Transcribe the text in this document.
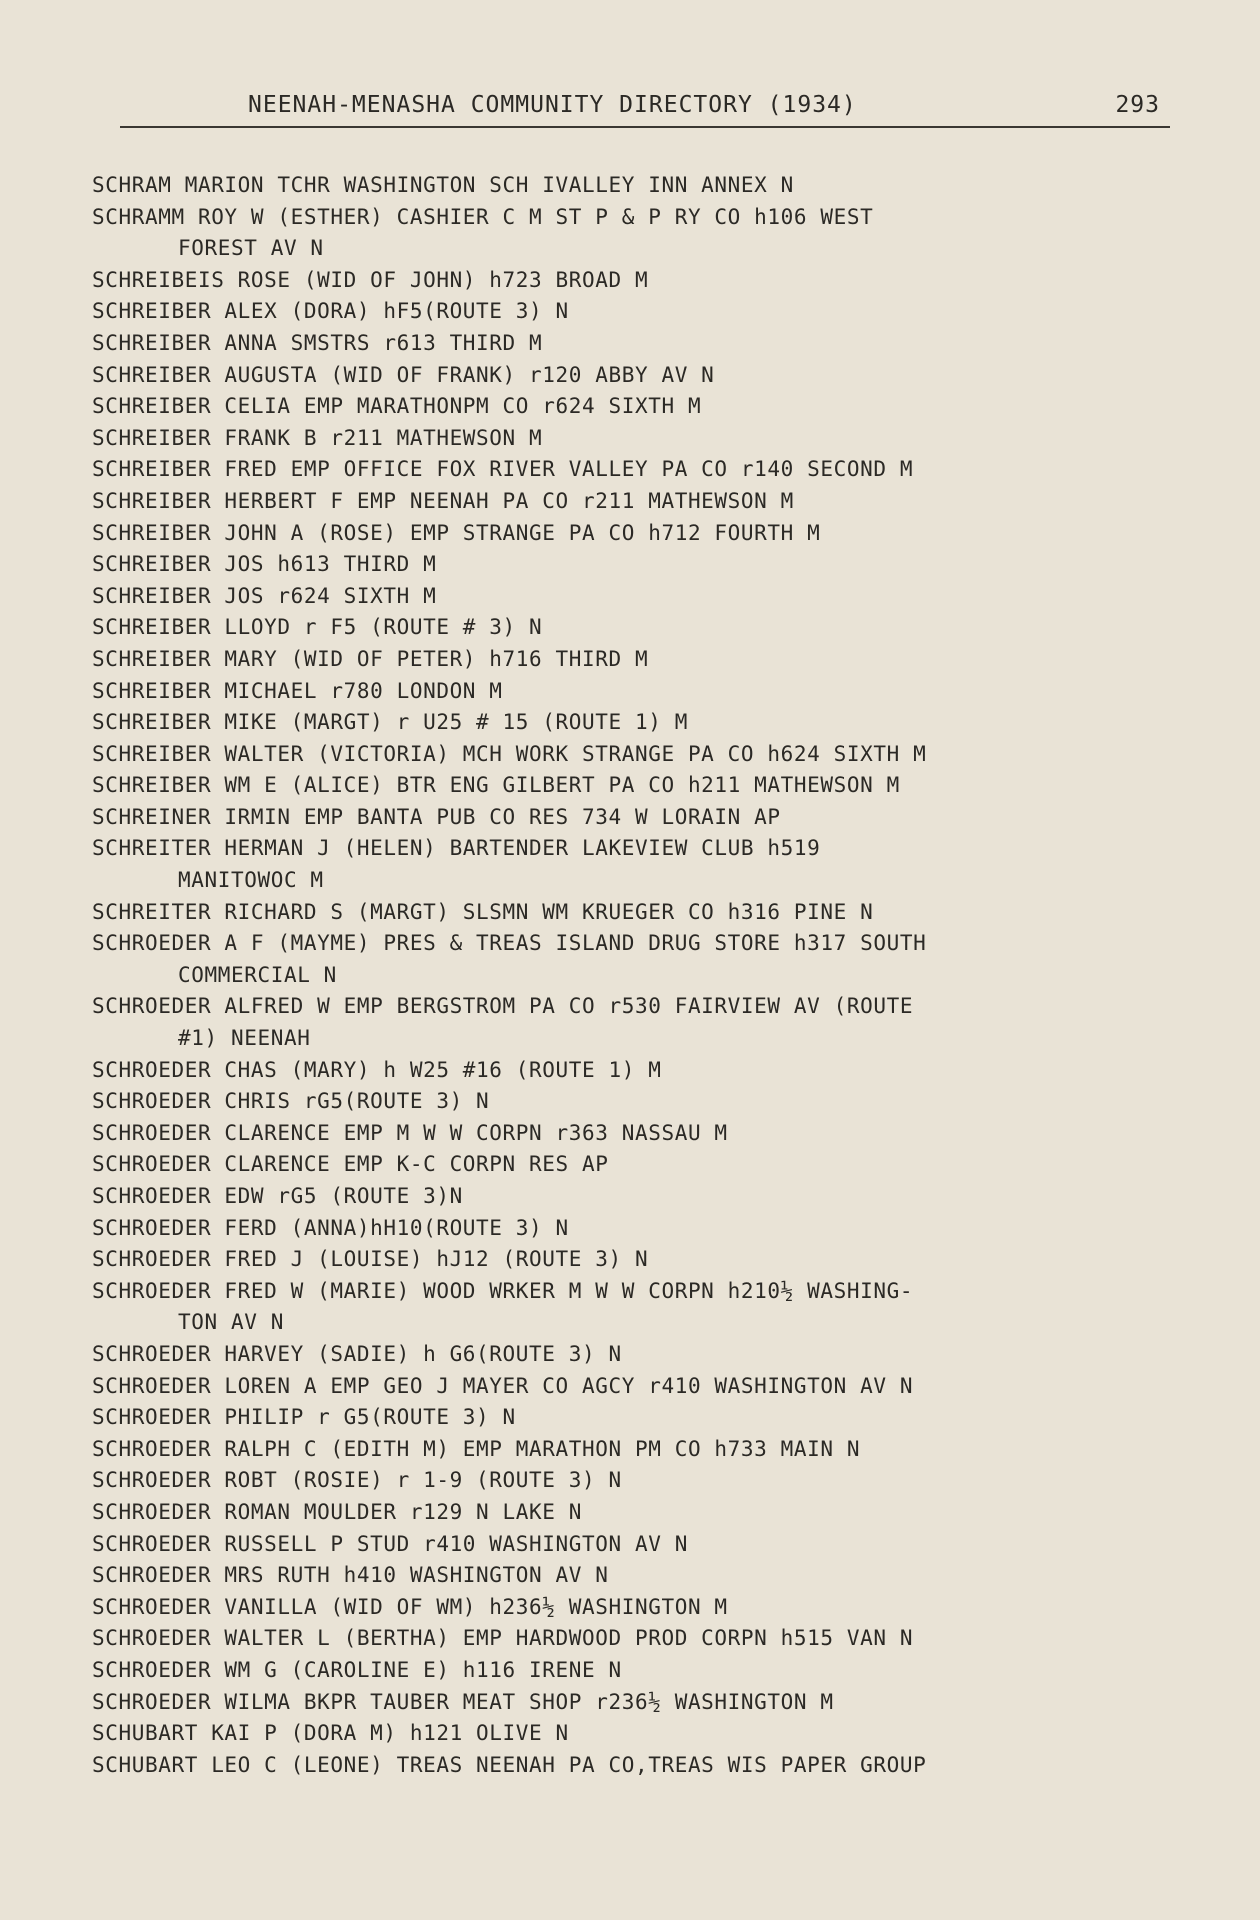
NEENAH-MENASHA COMMUNITY DIRECTORY (1934)	293
SCHRAM MARION TCHR WASHINGTON SCH IVALLEY INN ANNEX N
SCHRAMM ROY W (ESTHER) CASHIER C M ST P & P RY CO h106 WEST
FOREST AV N
SCHREIBEIS ROSE (WID OF JOHN) h723 BROAD M
SCHREIBER ALEX (DORA) hF5(ROUTE 3) N
SCHREIBER ANNA SMSTRS r613 THIRD M
SCHREIBER AUGUSTA (WID OF FRANK) r120 ABBY AV N
SCHREIBER CELIA EMP MARATHONPM CO r624 SIXTH M
SCHREIBER FRANK B r211 MATHEWSON M
SCHREIBER FRED EMP OFFICE FOX RIVER VALLEY PA CO r140 SECOND M
SCHREIBER HERBERT F EMP NEENAH PA CO r211 MATHEWSON M
SCHREIBER JOHN A (ROSE) EMP STRANGE PA CO h712 FOURTH M
SCHREIBER JOS h613 THIRD M
SCHREIBER JOS r624 SIXTH M
SCHREIBER LLOYD r F5 (ROUTE # 3) N
SCHREIBER MARY (WID OF PETER) h716 THIRD M
SCHREIBER MICHAEL r780 LONDON M
SCHREIBER MIKE (MARGT) r U25 # 15 (ROUTE 1) M
SCHREIBER WALTER (VICTORIA) MCH WORK STRANGE PA CO h624 SIXTH M
SCHREIBER WM E (ALICE) BTR ENG GILBERT PA CO h211 MATHEWSON M
SCHREINER IRMIN EMP BANTA PUB CO RES 734 W LORAIN AP
SCHREITER HERMAN J (HELEN) BARTENDER LAKEVIEW CLUB h519
MANITOWOC M
SCHREITER RICHARD S (MARGT) SLSMN WM KRUEGER CO h316 PINE N
SCHROEDER A F (MAYME) PRES & TREAS ISLAND DRUG STORE h317 SOUTH
COMMERCIAL N
SCHROEDER ALFRED W EMP BERGSTROM PA CO r530 FAIRVIEW AV (ROUTE
#1) NEENAH
SCHROEDER CHAS (MARY) h W25 #16 (ROUTE 1) M
SCHROEDER CHRIS rG5(ROUTE 3) N
SCHROEDER CLARENCE EMP M W W CORPN r363 NASSAU M
SCHROEDER CLARENCE EMP K-C CORPN RES AP
SCHROEDER EDW rG5 (ROUTE 3)N
SCHROEDER FERD (ANNA)hH10(ROUTE 3) N
SCHROEDER FRED J (LOUISE) hJ12 (ROUTE 3) N
SCHROEDER FRED W (MARIE) WOOD WRKER M W W CORPN h210½ WASHING-
TON AV N
SCHROEDER HARVEY (SADIE) h G6(ROUTE 3) N
SCHROEDER LOREN A EMP GEO J MAYER CO AGCY r410 WASHINGTON AV N
SCHROEDER PHILIP r G5(ROUTE 3) N
SCHROEDER RALPH C (EDITH M) EMP MARATHON PM CO h733 MAIN N
SCHROEDER ROBT (ROSIE) r 1-9 (ROUTE 3) N
SCHROEDER ROMAN MOULDER r129 N LAKE N
SCHROEDER RUSSELL P STUD r410 WASHINGTON AV N
SCHROEDER MRS RUTH h410 WASHINGTON AV N
SCHROEDER VANILLA (WID OF WM) h236½ WASHINGTON M
SCHROEDER WALTER L (BERTHA) EMP HARDWOOD PROD CORPN h515 VAN N
SCHROEDER WM G (CAROLINE E) h116 IRENE N
SCHROEDER WILMA BKPR TAUBER MEAT SHOP r236½ WASHINGTON M
SCHUBART KAI P (DORA M) h121 OLIVE N
SCHUBART LEO C (LEONE) TREAS NEENAH PA CO,TREAS WIS PAPER GROUP
